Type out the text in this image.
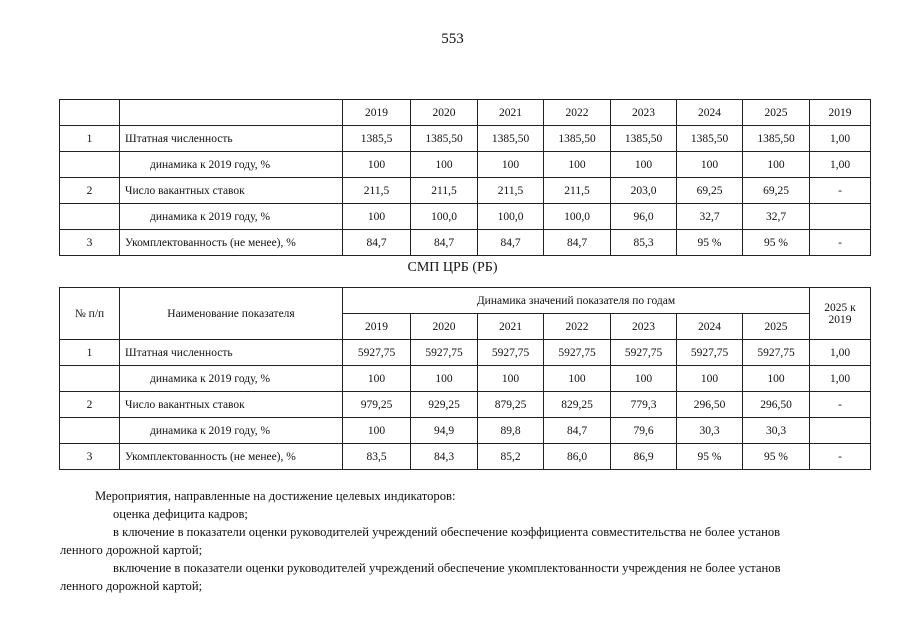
553
		2019	2020	2021	2022	2023	2024	2025	2019
1	Штатная численность	1385,5	1385,50	1385,50	1385,50	1385,50	1385,50	1385,50	1,00
	динамика к 2019 году, %	100	100	100	100	100	100	100	1,00
2	Число вакантных ставок	211,5	211,5	211,5	211,5	203,0	69,25	69,25	-
	динамика к 2019 году, %	100	100,0	100,0	100,0	96,0	32,7	32,7	
3	Укомплектованность (не менее), %	84,7	84,7	84,7	84,7	85,3	95 %	95 %	-
СМП ЦРБ (РБ)
№ п/п	Наименование показателя	Динамика значений показателя по годам							2025 к 2019
		2019	2020	2021	2022	2023	2024	2025	
1	Штатная численность	5927,75	5927,75	5927,75	5927,75	5927,75	5927,75	5927,75	1,00
	динамика к 2019 году, %	100	100	100	100	100	100	100	1,00
2	Число вакантных ставок	979,25	929,25	879,25	829,25	779,3	296,50	296,50	-
	динамика к 2019 году, %	100	94,9	89,8	84,7	79,6	30,3	30,3	
3	Укомплектованность (не менее), %	83,5	84,3	85,2	86,0	86,9	95 %	95 %	-

Мероприятия, направленные на достижение целевых индикаторов:

оценка дефицита кадров;

в ключение в показатели оценки руководителей учреждений обеспечение коэффициента совместительства не более установ

ленного дорожной картой;

включение в показатели оценки руководителей учреждений обеспечение укомплектованности учреждения не более установ

ленного дорожной картой;
